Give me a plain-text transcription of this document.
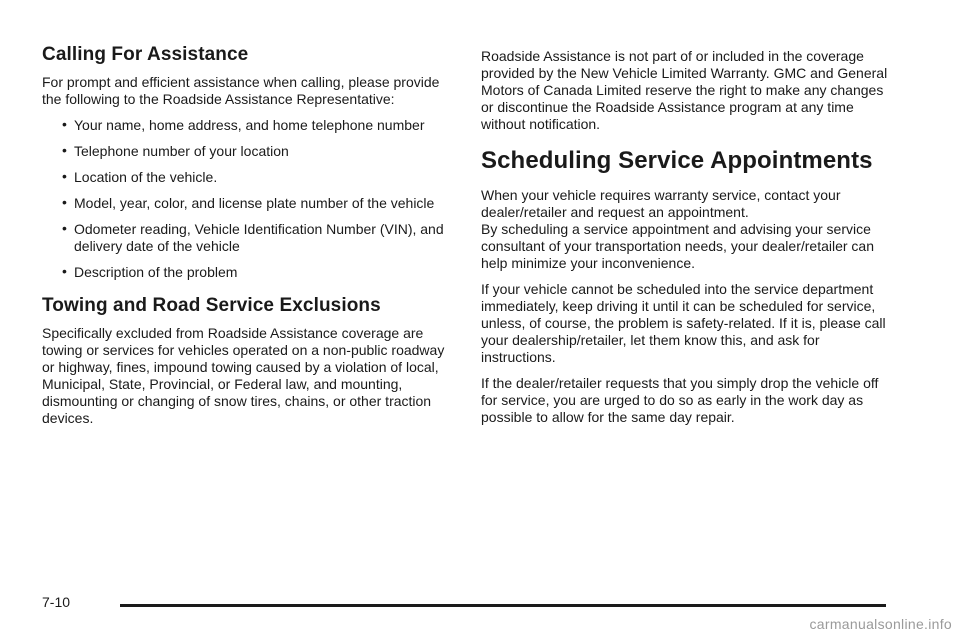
Calling For Assistance

For prompt and efficient assistance when calling, please provide the following to the Roadside Assistance Representative:

• Your name, home address, and home telephone number
• Telephone number of your location
• Location of the vehicle.
• Model, year, color, and license plate number of the vehicle
• Odometer reading, Vehicle Identification Number (VIN), and delivery date of the vehicle
• Description of the problem
Towing and Road Service Exclusions

Specifically excluded from Roadside Assistance coverage are towing or services for vehicles operated on a non-public roadway or highway, fines, impound towing caused by a violation of local, Municipal, State, Provincial, or Federal law, and mounting, dismounting or changing of snow tires, chains, or other traction devices.

Roadside Assistance is not part of or included in the coverage provided by the New Vehicle Limited Warranty. GMC and General Motors of Canada Limited reserve the right to make any changes or discontinue the Roadside Assistance program at any time without notification.

Scheduling Service Appointments

When your vehicle requires warranty service, contact your dealer/retailer and request an appointment.

By scheduling a service appointment and advising your service consultant of your transportation needs, your dealer/retailer can help minimize your inconvenience.

If your vehicle cannot be scheduled into the service department immediately, keep driving it until it can be scheduled for service, unless, of course, the problem is safety-related. If it is, please call your dealership/retailer, let them know this, and ask for instructions.

If the dealer/retailer requests that you simply drop the vehicle off for service, you are urged to do so as early in the work day as possible to allow for the same day repair.

7-10
carmanualsonline.info
